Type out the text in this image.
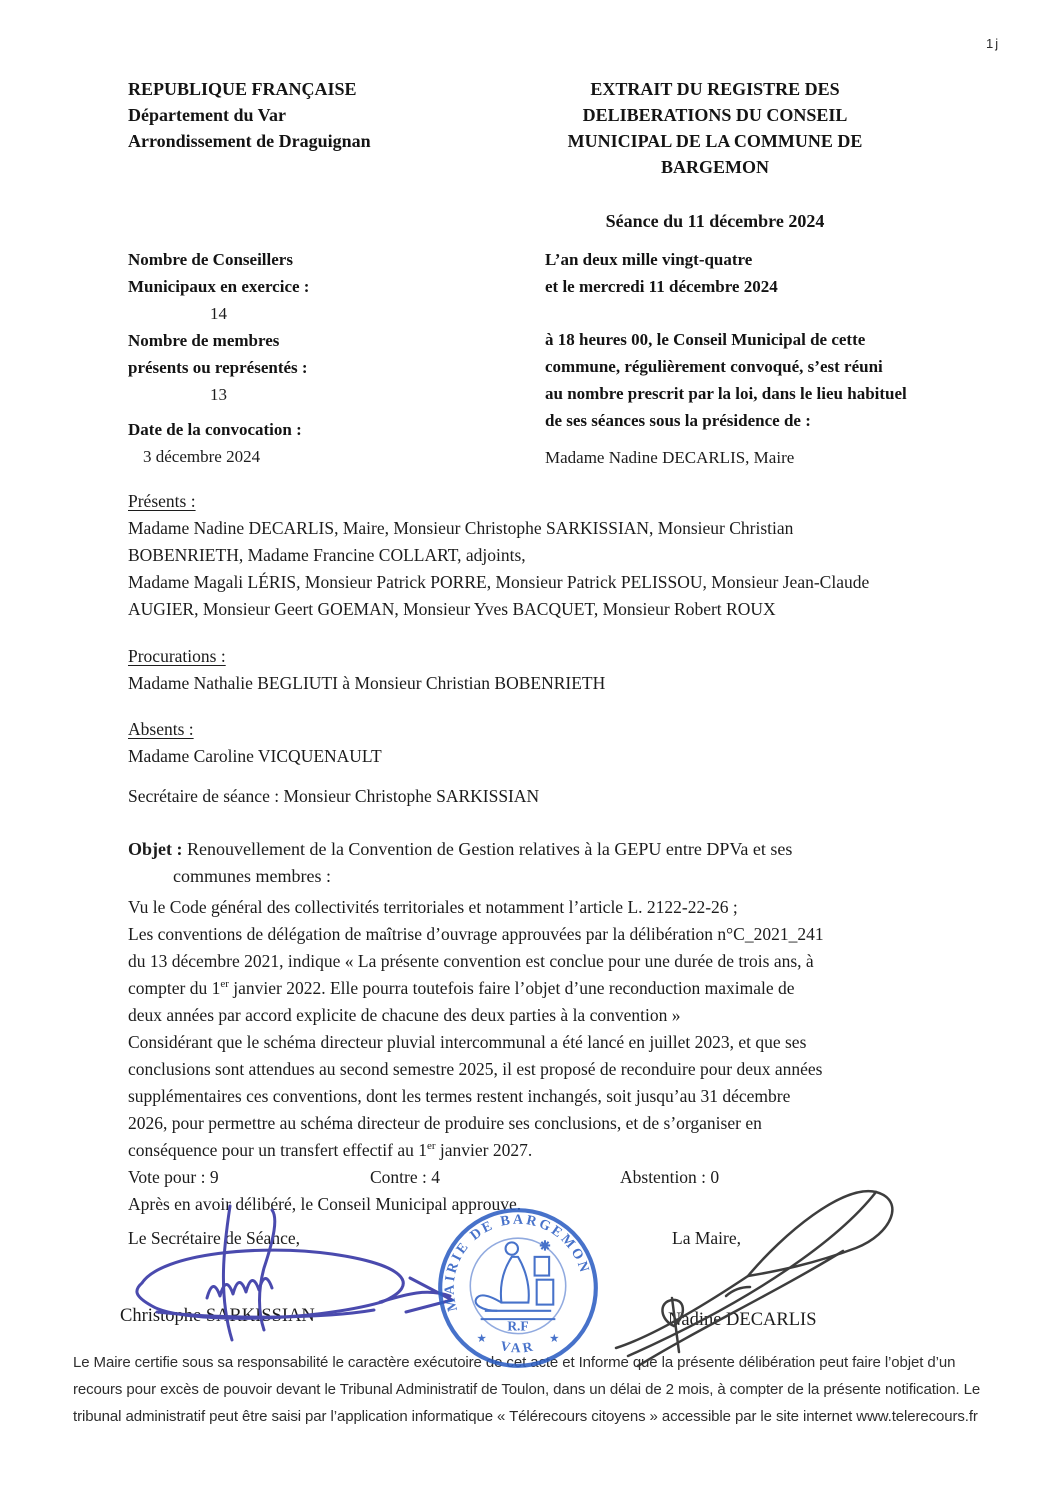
1j
REPUBLIQUE FRANÇAISE
Département du Var
Arrondissement de Draguignan
EXTRAIT DU REGISTRE DES
DELIBERATIONS DU CONSEIL
MUNICIPAL DE LA COMMUNE DE
BARGEMON
Séance du 11 décembre 2024
Nombre de Conseillers
Municipaux en exercice :
14
Nombre de membres
présents ou représentés :
13
Date de la convocation :
3 décembre 2024
L’an deux mille vingt-quatre
et le mercredi 11 décembre 2024
à 18 heures 00, le Conseil Municipal de cette
commune, régulièrement convoqué, s’est réuni
au nombre prescrit par la loi, dans le lieu habituel
de ses séances sous la présidence de :
Madame Nadine DECARLIS, Maire
Présents :
Madame Nadine DECARLIS, Maire, Monsieur Christophe SARKISSIAN, Monsieur Christian
BOBENRIETH, Madame Francine COLLART, adjoints,
Madame Magali LÉRIS, Monsieur Patrick PORRE, Monsieur Patrick PELISSOU, Monsieur Jean-Claude
AUGIER, Monsieur Geert GOEMAN, Monsieur Yves BACQUET, Monsieur Robert ROUX
Procurations :
Madame Nathalie BEGLIUTI à Monsieur Christian BOBENRIETH
Absents :
Madame Caroline VICQUENAULT

Secrétaire de séance : Monsieur Christophe SARKISSIAN

Objet : Renouvellement de la Convention de Gestion relatives à la GEPU entre DPVa et ses
communes membres :
Vu le Code général des collectivités territoriales et notamment l’article L. 2122-22-26 ;
Les conventions de délégation de maîtrise d’ouvrage approuvées par la délibération n°C_2021_241
du 13 décembre 2021, indique « La présente convention est conclue pour une durée de trois ans, à
compter du 1er janvier 2022. Elle pourra toutefois faire l’objet d’une reconduction maximale de
deux années par accord explicite de chacune des deux parties à la convention »
Considérant que le schéma directeur pluvial intercommunal a été lancé en juillet 2023, et que ses
conclusions sont attendues au second semestre 2025, il est proposé de reconduire pour deux années
supplémentaires ces conventions, dont les termes restent inchangés, soit jusqu’au 31 décembre
2026, pour permettre au schéma directeur de produire ses conclusions, et de s’organiser en
conséquence pour un transfert effectif au 1er janvier 2027.
Vote pour : 9	Contre : 4	Abstention : 0

Après en avoir délibéré, le Conseil Municipal approuve.

Le Secrétaire de Séance,
Christophe SARKISSIAN
La Maire,
Nadine DECARLIS
MAIRIE DE BARGEMON
R.F
★	★
VAR
Le Maire certifie sous sa responsabilité le caractère exécutoire de cet acte et Informe que la présente délibération peut faire l’objet d’un
recours pour excès de pouvoir devant le Tribunal Administratif de Toulon, dans un délai de 2 mois, à compter de la présente notification. Le
tribunal administratif peut être saisi par l’application informatique « Télérecours citoyens » accessible par le site internet www.telerecours.fr
